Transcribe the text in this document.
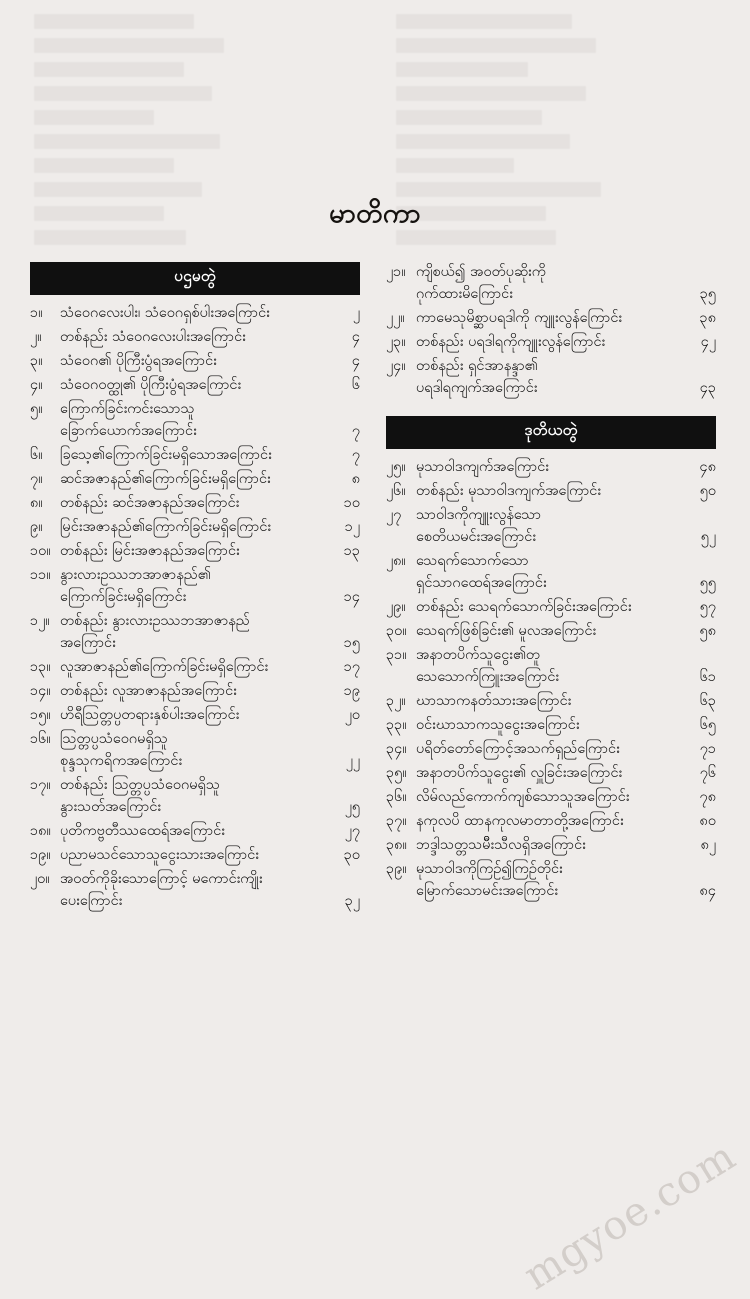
မာတိကာ
ပဌမတွဲ
၁။	သံဝေဂလေးပါး၊ သံဝေဂရှစ်ပါးအကြောင်း	၂
၂။	တစ်နည်း သံဝေဂလေးပါးအကြောင်း	၄
၃။	သံဝေဂ၏ ပိုကြီးပွံရအကြောင်း	၄
၄။	သံဝေဂဝတ္ထု၏ ပိုကြီးပွံရအကြောင်း	၆
၅။	ကြောက်ခြင်းကင်းသောသူ
ခြောက်ယောက်အကြောင်း	၇
၆။	ခြသေ့၏ကြောက်ခြင်းမရှိသောအကြောင်း	၇
၇။	ဆင်အဇာနည်၏ကြောက်ခြင်းမရှိကြောင်း	၈
၈။	တစ်နည်း ဆင်အဇာနည်အကြောင်း	၁၀
၉။	မြင်းအဇာနည်၏ကြောက်ခြင်းမရှိကြောင်း	၁၂
၁၀။ တစ်နည်း မြင်းအဇာနည်အကြောင်း	၁၃
၁၁။ နွားလားဥဿဘအာဇာနည်၏
ကြောက်ခြင်းမရှိကြောင်း	၁၄
၁၂။ တစ်နည်း နွားလားဥဿဘအာဇာနည်
အကြောင်း	၁၅
၁၃။ လူအာဇာနည်၏ကြောက်ခြင်းမရှိကြောင်း	၁၇
၁၄။ တစ်နည်း လူအာဇာနည်အကြောင်း	၁၉
၁၅။ ဟိရီသြတ္တပ္ပတရားနှစ်ပါးအကြောင်း	၂၀
၁၆။ သြတ္တပ္ပသံဝေဂမရှိသူ
စုန္ဒသုကရိကအကြောင်း	၂၂
၁၇။ တစ်နည်း သြတ္တပ္ပသံဝေဂမရှိသူ
နွားသတ်အကြောင်း	၂၅
၁၈။ ပုတိကဗ္ဗတီဿထေရ်အကြောင်း	၂၇
၁၉။ ပညာမသင်သောသူငွေးသားအကြောင်း	၃၀
၂၀။ အဝတ်ကိုခိုးသောကြောင့် မကောင်းကျိုး
ပေးကြောင်း	၃၂
၂၁။ ကျိစယ်၍ အဝတ်ပုဆိုးကို
ဂုက်ထားမိကြောင်း	၃၅
၂၂။ ကာမေသုမိစ္ဆာပရဒါကို ကျူးလွန်ကြောင်း	၃၈
၂၃။ တစ်နည်း ပရဒါရကိုကျူးလွန်ကြောင်း	၄၂
၂၄။ တစ်နည်း ရှင်အာနန္ဒာ၏
ပရဒါရကျက်အကြောင်း	၄၃
ဒုတိယတွဲ
၂၅။ မုသာဝါဒကျက်အကြောင်း	၄၈
၂၆။ တစ်နည်း မုသာဝါဒကျက်အကြောင်း	၅၀
၂၇	သာဝါဒကိုကျူးလွန်သော
စေတိယမင်းအကြောင်း	၅၂
၂၈။ သေရက်သောက်သော
ရှင်သာဂထေရ်အကြောင်း	၅၅
၂၉။ တစ်နည်း သေရက်သောက်ခြင်းအကြောင်း	၅၇
၃၀။ သေရက်ဖြစ်ခြင်း၏ မူလအကြောင်း	၅၈
၃၁။ အနာတပိက်သူငွေး၏တူ
သေသောက်ကြူးအကြောင်း	၆၁
၃၂။ ဃာသာကနတ်သားအကြောင်း	၆၃
၃၃။ ဝင်းဃာသာကသူငွေးအကြောင်း	၆၅
၃၄။ ပရိတ်တော်ကြောင့်အသက်ရှည်ကြောင်း	၇၁
၃၅။ အနာတပိက်သူငွေး၏ လှူခြင်းအကြောင်း	၇၆
၃၆။ လိမ်လည်ကောက်ကျစ်သောသူအကြောင်း	၇၈
၃၇။ နကုလပိ ထာနကုလမာတာတို့အကြောင်း	၈၀
၃၈။ ဘဒ္ဒါသတ္တသမိီးသီလရှိအကြောင်း	၈၂
၃၉။ မုသာဝါဒကိုကြဉ်၍ကြဉ်တိုင်း
မြောက်သောမင်းအကြောင်း	၈၄
mgyoe.com
